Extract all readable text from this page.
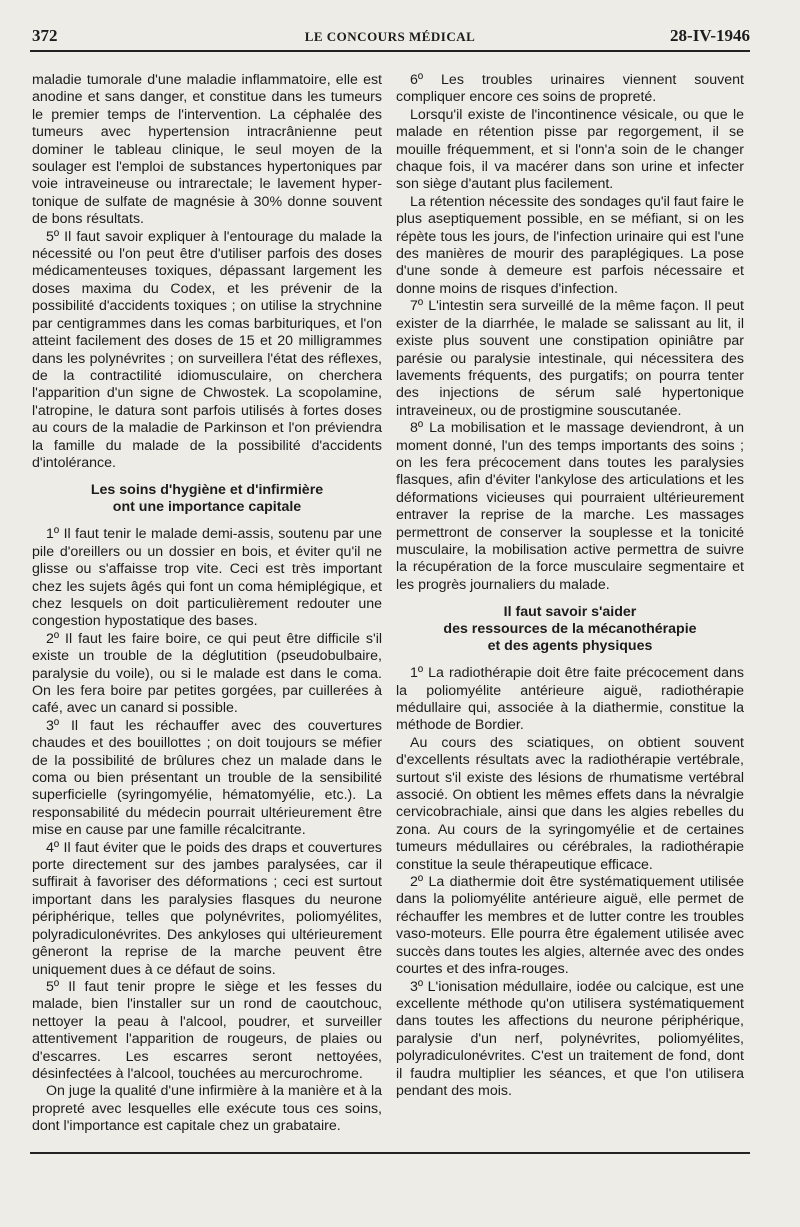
372	LE CONCOURS MÉDICAL	28-IV-1946

maladie tumorale d'une maladie inflammatoire, elle est anodine et sans danger, et constitue dans les tumeurs le premier temps de l'intervention. La céphalée des tumeurs avec hypertension intracrânienne peut dominer le tableau clinique, le seul moyen de la soulager est l'emploi de substances hypertoniques par voie intraveineuse ou intrarectale; le lavement hyper-tonique de sulfate de magnésie à 30% donne souvent de bons résultats.

5º Il faut savoir expliquer à l'entourage du malade la nécessité ou l'on peut être d'utiliser parfois des doses médicamenteuses toxiques, dépassant largement les doses maxima du Codex, et les prévenir de la possibilité d'accidents toxiques ; on utilise la strychnine par centigrammes dans les comas barbituriques, et l'on atteint facilement des doses de 15 et 20 milligrammes dans les polynévrites ; on surveillera l'état des réflexes, de la contractilité idiomusculaire, on cherchera l'apparition d'un signe de Chwostek. La scopolamine, l'atropine, le datura sont parfois utilisés à fortes doses au cours de la maladie de Parkinson et l'on préviendra la famille du malade de la possibilité d'accidents d'intolérance.

Les soins d'hygiène et d'infirmière
ont une importance capitale

1º Il faut tenir le malade demi-assis, soutenu par une pile d'oreillers ou un dossier en bois, et éviter qu'il ne glisse ou s'affaisse trop vite. Ceci est très important chez les sujets âgés qui font un coma hémiplégique, et chez lesquels on doit particulièrement redouter une congestion hypostatique des bases.

2º Il faut les faire boire, ce qui peut être difficile s'il existe un trouble de la déglutition (pseudobulbaire, paralysie du voile), ou si le malade est dans le coma. On les fera boire par petites gorgées, par cuillerées à café, avec un canard si possible.

3º Il faut les réchauffer avec des couvertures chaudes et des bouillottes ; on doit toujours se méfier de la possibilité de brûlures chez un malade dans le coma ou bien présentant un trouble de la sensibilité superficielle (syringomyélie, hématomyélie, etc.). La responsabilité du médecin pourrait ultérieurement être mise en cause par une famille récalcitrante.

4º Il faut éviter que le poids des draps et couvertures porte directement sur des jambes paralysées, car il suffirait à favoriser des déformations ; ceci est surtout important dans les paralysies flasques du neurone périphérique, telles que polynévrites, poliomyélites, polyradiculonévrites. Des ankyloses qui ultérieurement gêneront la reprise de la marche peuvent être uniquement dues à ce défaut de soins.

5º Il faut tenir propre le siège et les fesses du malade, bien l'installer sur un rond de caoutchouc, nettoyer la peau à l'alcool, poudrer, et surveiller attentivement l'apparition de rougeurs, de plaies ou d'escarres. Les escarres seront nettoyées, désinfectées à l'alcool, touchées au mercurochrome.

On juge la qualité d'une infirmière à la manière et à la propreté avec lesquelles elle exécute tous ces soins, dont l'importance est capitale chez un grabataire.

6º Les troubles urinaires viennent souvent compliquer encore ces soins de propreté.

Lorsqu'il existe de l'incontinence vésicale, ou que le malade en rétention pisse par regorgement, il se mouille fréquemment, et si l'onn'a soin de le changer chaque fois, il va macérer dans son urine et infecter son siège d'autant plus facilement.

La rétention nécessite des sondages qu'il faut faire le plus aseptiquement possible, en se méfiant, si on les répète tous les jours, de l'infection urinaire qui est l'une des manières de mourir des paraplégiques. La pose d'une sonde à demeure est parfois nécessaire et donne moins de risques d'infection.

7º L'intestin sera surveillé de la même façon. Il peut exister de la diarrhée, le malade se salissant au lit, il existe plus souvent une constipation opiniâtre par parésie ou paralysie intestinale, qui nécessitera des lavements fréquents, des purgatifs; on pourra tenter des injections de sérum salé hypertonique intraveineux, ou de prostigmine souscutanée.

8º La mobilisation et le massage deviendront, à un moment donné, l'un des temps importants des soins ; on les fera précocement dans toutes les paralysies flasques, afin d'éviter l'ankylose des articulations et les déformations vicieuses qui pourraient ultérieurement entraver la reprise de la marche. Les massages permettront de conserver la souplesse et la tonicité musculaire, la mobilisation active permettra de suivre la récupération de la force musculaire segmentaire et les progrès journaliers du malade.

Il faut savoir s'aider
des ressources de la mécanothérapie
et des agents physiques

1º La radiothérapie doit être faite précocement dans la poliomyélite antérieure aiguë, radiothérapie médullaire qui, associée à la diathermie, constitue la méthode de Bordier.

Au cours des sciatiques, on obtient souvent d'excellents résultats avec la radiothérapie vertébrale, surtout s'il existe des lésions de rhumatisme vertébral associé. On obtient les mêmes effets dans la névralgie cervicobrachiale, ainsi que dans les algies rebelles du zona. Au cours de la syringomyélie et de certaines tumeurs médullaires ou cérébrales, la radiothérapie constitue la seule thérapeutique efficace.

2º La diathermie doit être systématiquement utilisée dans la poliomyélite antérieure aiguë, elle permet de réchauffer les membres et de lutter contre les troubles vaso-moteurs. Elle pourra être également utilisée avec succès dans toutes les algies, alternée avec des ondes courtes et des infra-rouges.

3º L'ionisation médullaire, iodée ou calcique, est une excellente méthode qu'on utilisera systématiquement dans toutes les affections du neurone périphérique, paralysie d'un nerf, polynévrites, poliomyélites, polyradiculonévrites. C'est un traitement de fond, dont il faudra multiplier les séances, et que l'on utilisera pendant des mois.
